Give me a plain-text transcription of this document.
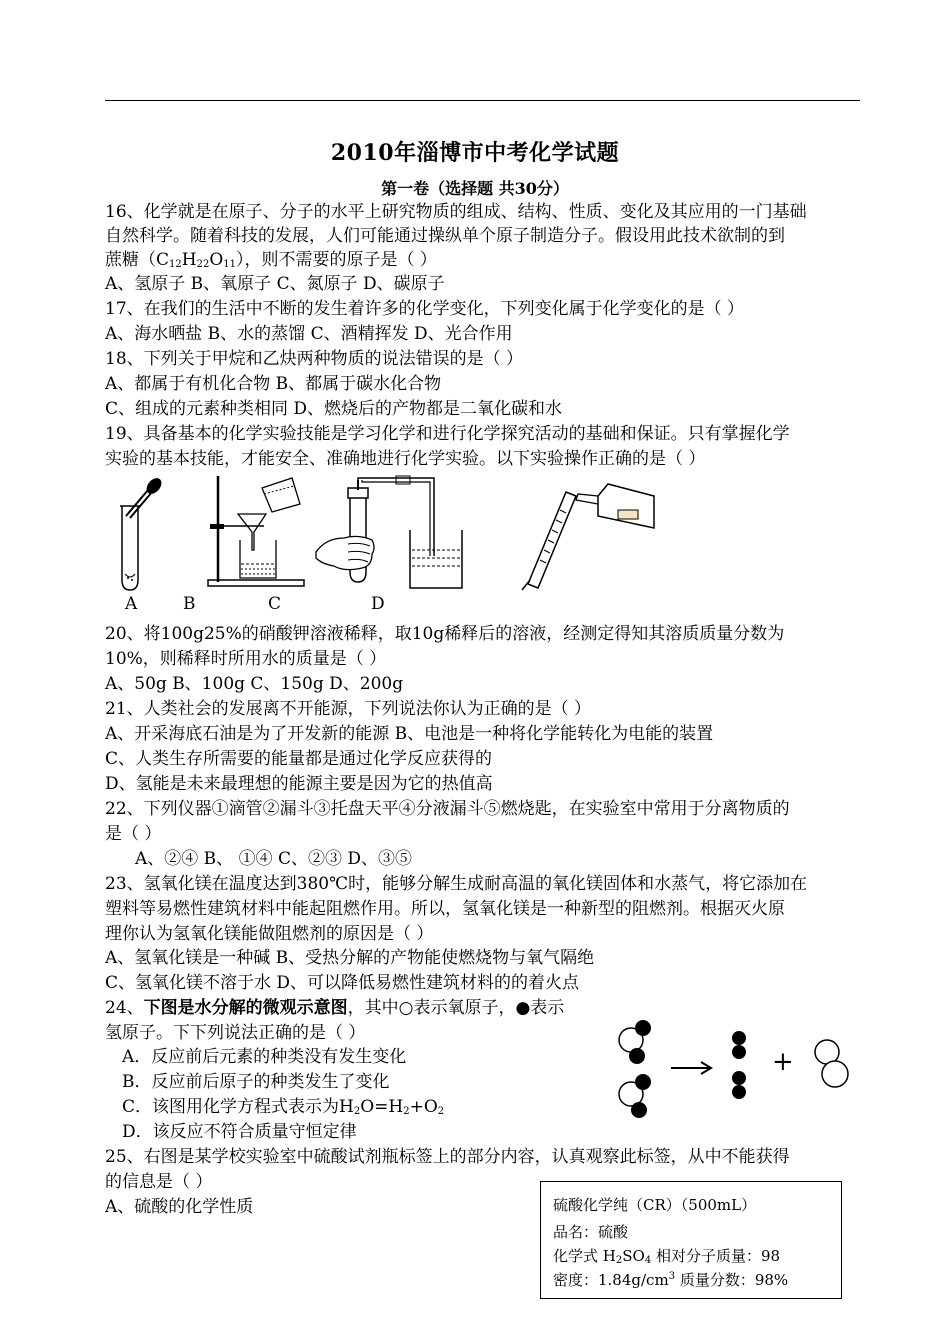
2010年淄博市中考化学试题
第一卷（选择题 共30分）
16、化学就是在原子、分子的水平上研究物质的组成、结构、性质、变化及其应用的一门基础
自然科学。随着科技的发展，人们可能通过操纵单个原子制造分子。假设用此技术欲制的到
蔗糖$(C_{12}H_{22}O_{11})$，则不需要的原子是（ ）
A、氢原子 B、氧原子 C、氮原子 D、碳原子
17、在我们的生活中不断的发生着许多的化学变化，下列变化属于化学变化的是（ ）
A、海水晒盐 B、水的蒸馏 C、酒精挥发 D、光合作用
18、下列关于甲烷和乙炔两种物质的说法错误的是（ ）
A、都属于有机化合物 B、都属于碳水化合物
C、组成的元素种类相同 D、燃烧后的产物都是二氧化碳和水
19、具备基本的化学实验技能是学习化学和进行化学探究活动的基础和保证。只有掌握化学
实验的基本技能，才能安全、准确地进行化学实验。以下实验操作正确的是（ ）
A	B	C	D
20、将100g25%的硝酸钾溶液稀释，取10g稀释后的溶液，经测定得知其溶质质量分数为
10%，则稀释时所用水的质量是（ ）
A、50g B、100g C、150g D、200g
21、人类社会的发展离不开能源，下列说法你认为正确的是（ ）
A、开采海底石油是为了开发新的能源 B、电池是一种将化学能转化为电能的装置
C、人类生存所需要的能量都是通过化学反应获得的
D、氢能是未来最理想的能源主要是因为它的热值高
22、下列仪器①滴管②漏斗③托盘天平④分液漏斗⑤燃烧匙，在实验室中常用于分离物质的
是（ ）
A、②④ B、 ①④ C、②③ D、③⑤
23、氢氧化镁在温度达到380℃时，能够分解生成耐高温的氧化镁固体和水蒸气，将它添加在
塑料等易燃性建筑材料中能起阻燃作用。所以，氢氧化镁是一种新型的阻燃剂。根据灭火原
理你认为氢氧化镁能做阻燃剂的原因是（ ）
A、氢氧化镁是一种碱 B、受热分解的产物能使燃烧物与氧气隔绝
C、氢氧化镁不溶于水 D、可以降低易燃性建筑材料的的着火点
24、下图是水分解的微观示意图，其中○表示氧原子，●表示
氢原子。下下列说法正确的是（ ）
A．反应前后元素的种类没有发生变化
B．反应前后原子的种类发生了变化
C．该图用化学方程式表示为$H_2O=H_2+O_2$
D．该反应不符合质量守恒定律
+
25、右图是某学校实验室中硫酸试剂瓶标签上的部分内容，认真观察此标签，从中不能获得
的信息是（ ）
A、硫酸的化学性质	硫酸化学纯（CR）（500mL）
品名：硫酸
化学式 $H_2SO_4$ 相对分子质量：98
密度：$1.84g/cm^3$ 质量分数：98%
